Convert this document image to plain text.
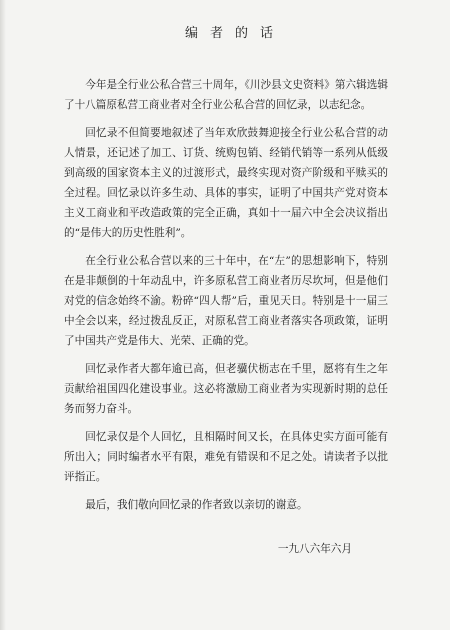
编者的话

今年是全行业公私合营三十周年，《川沙县文史资料》第六辑选辑了十八篇原私营工商业者对全行业公私合营的回忆录，以志纪念。

回忆录不但简要地叙述了当年欢欣鼓舞迎接全行业公私合营的动人情景，还记述了加工、订货、统购包销、经销代销等一系列从低级到高级的国家资本主义的过渡形式，最终实现对资产阶级和平赎买的全过程。回忆录以许多生动、具体的事实，证明了中国共产党对资本主义工商业和平改造政策的完全正确，真如十一届六中全会决议指出的“是伟大的历史性胜利”。

在全行业公私合营以来的三十年中，在“左”的思想影响下，特别在是非颠倒的十年动乱中，许多原私营工商业者历尽坎坷，但是他们对党的信念始终不渝。粉碎“四人帮”后，重见天日。特别是十一届三中全会以来，经过拨乱反正，对原私营工商业者落实各项政策，证明了中国共产党是伟大、光荣、正确的党。

回忆录作者大都年逾已高，但老骥伏枥志在千里，愿将有生之年贡献给祖国四化建设事业。这必将激励工商业者为实现新时期的总任务而努力奋斗。

回忆录仅是个人回忆，且相隔时间又长，在具体史实方面可能有所出入；同时编者水平有限，难免有错误和不足之处。请读者予以批评指正。

最后，我们敬向回忆录的作者致以亲切的谢意。

一九八六年六月
